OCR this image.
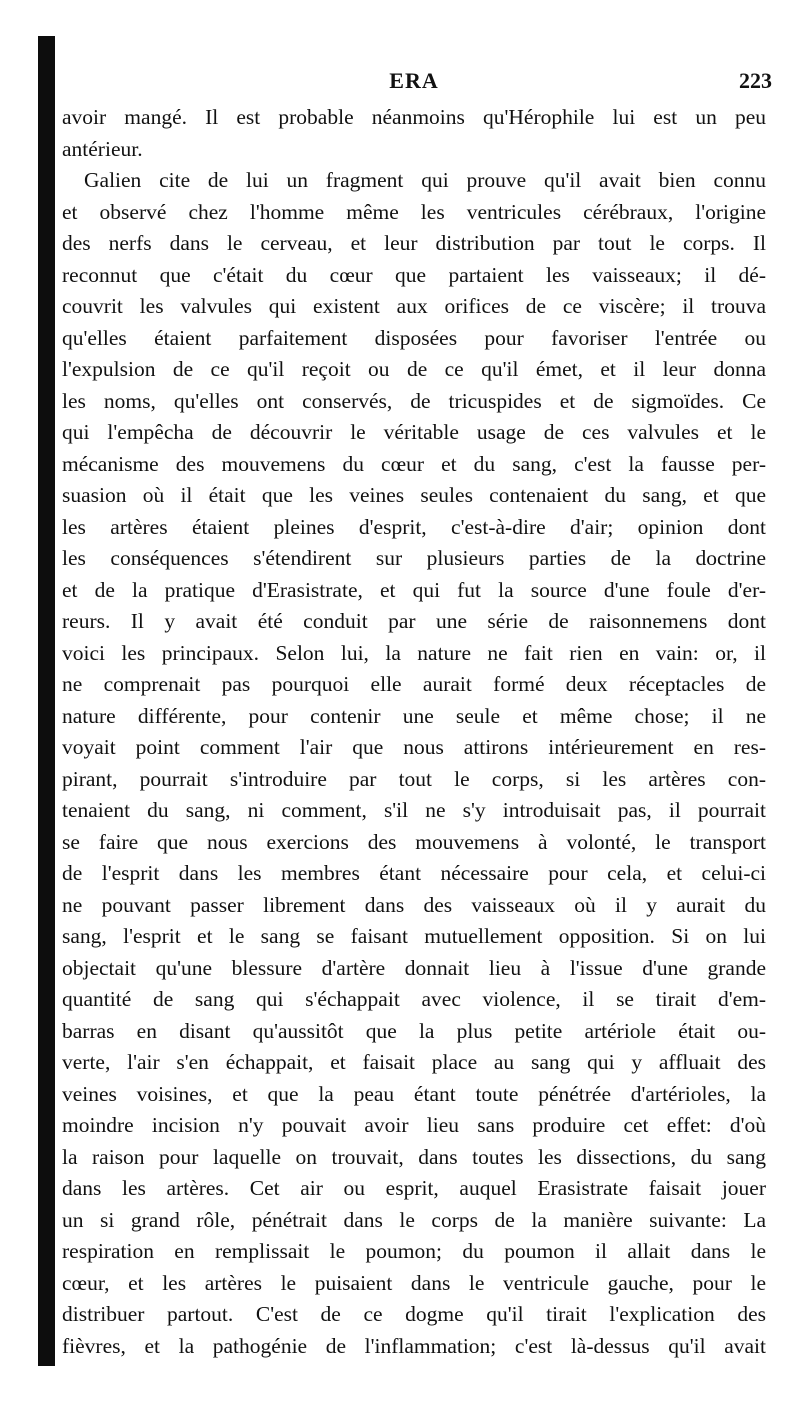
ERA	223
avoir mangé. Il est probable néanmoins qu'Hérophile lui est un peu
antérieur.
Galien cite de lui un fragment qui prouve qu'il avait bien connu
et observé chez l'homme même les ventricules cérébraux, l'origine
des nerfs dans le cerveau, et leur distribution par tout le corps. Il
reconnut que c'était du cœur que partaient les vaisseaux; il dé-
couvrit les valvules qui existent aux orifices de ce viscère; il trouva
qu'elles étaient parfaitement disposées pour favoriser l'entrée ou
l'expulsion de ce qu'il reçoit ou de ce qu'il émet, et il leur donna
les noms, qu'elles ont conservés, de tricuspides et de sigmoïdes. Ce
qui l'empêcha de découvrir le véritable usage de ces valvules et le
mécanisme des mouvemens du cœur et du sang, c'est la fausse per-
suasion où il était que les veines seules contenaient du sang, et que
les artères étaient pleines d'esprit, c'est-à-dire d'air; opinion dont
les conséquences s'étendirent sur plusieurs parties de la doctrine
et de la pratique d'Erasistrate, et qui fut la source d'une foule d'er-
reurs. Il y avait été conduit par une série de raisonnemens dont
voici les principaux. Selon lui, la nature ne fait rien en vain: or, il
ne comprenait pas pourquoi elle aurait formé deux réceptacles de
nature différente, pour contenir une seule et même chose; il ne
voyait point comment l'air que nous attirons intérieurement en res-
pirant, pourrait s'introduire par tout le corps, si les artères con-
tenaient du sang, ni comment, s'il ne s'y introduisait pas, il pourrait
se faire que nous exercions des mouvemens à volonté, le transport
de l'esprit dans les membres étant nécessaire pour cela, et celui-ci
ne pouvant passer librement dans des vaisseaux où il y aurait du
sang, l'esprit et le sang se faisant mutuellement opposition. Si on lui
objectait qu'une blessure d'artère donnait lieu à l'issue d'une grande
quantité de sang qui s'échappait avec violence, il se tirait d'em-
barras en disant qu'aussitôt que la plus petite artériole était ou-
verte, l'air s'en échappait, et faisait place au sang qui y affluait des
veines voisines, et que la peau étant toute pénétrée d'artérioles, la
moindre incision n'y pouvait avoir lieu sans produire cet effet: d'où
la raison pour laquelle on trouvait, dans toutes les dissections, du sang
dans les artères. Cet air ou esprit, auquel Erasistrate faisait jouer
un si grand rôle, pénétrait dans le corps de la manière suivante: La
respiration en remplissait le poumon; du poumon il allait dans le
cœur, et les artères le puisaient dans le ventricule gauche, pour le
distribuer partout. C'est de ce dogme qu'il tirait l'explication des
fièvres, et la pathogénie de l'inflammation; c'est là-dessus qu'il avait
